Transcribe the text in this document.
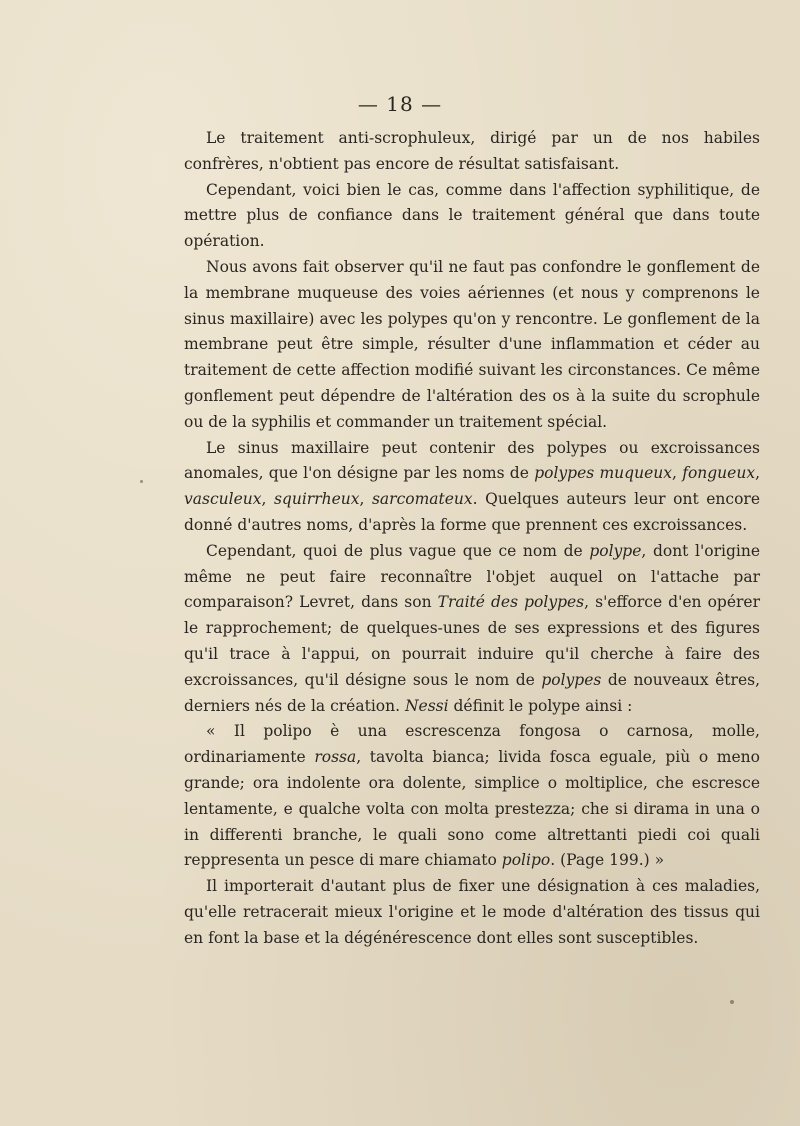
— 18 —

Le traitement anti-scrophuleux, dirigé par un de nos habiles confrères, n'obtient pas encore de résultat satisfaisant.

Cependant, voici bien le cas, comme dans l'affection syphilitique, de mettre plus de confiance dans le traitement général que dans toute opération.

Nous avons fait observer qu'il ne faut pas confondre le gonflement de la membrane muqueuse des voies aériennes (et nous y comprenons le sinus maxillaire) avec les polypes qu'on y rencontre. Le gonflement de la membrane peut être simple, résulter d'une inflammation et céder au traitement de cette affection modifié suivant les circonstances. Ce même gonflement peut dépendre de l'altération des os à la suite du scrophule ou de la syphilis et commander un traitement spécial.

Le sinus maxillaire peut contenir des polypes ou excroissances anomales, que l'on désigne par les noms de polypes muqueux, fongueux, vasculeux, squirrheux, sarcomateux. Quelques auteurs leur ont encore donné d'autres noms, d'après la forme que prennent ces excroissances.

Cependant, quoi de plus vague que ce nom de polype, dont l'origine même ne peut faire reconnaître l'objet auquel on l'attache par comparaison? Levret, dans son Traité des polypes, s'efforce d'en opérer le rapprochement; de quelques-unes de ses expressions et des figures qu'il trace à l'appui, on pourrait induire qu'il cherche à faire des excroissances, qu'il désigne sous le nom de polypes de nouveaux êtres, derniers nés de la création. Nessi définit le polype ainsi :

« Il polipo è una escrescenza fongosa o carnosa, molle, ordinariamente rossa, tavolta bianca; livida fosca eguale, più o meno grande; ora indolente ora dolente, simplice o moltiplice, che escresce lentamente, e qualche volta con molta prestezza; che si dirama in una o in differenti branche, le quali sono come altrettanti piedi coi quali reppresenta un pesce di mare chiamato polipo. (Page 199.) »

Il importerait d'autant plus de fixer une désignation à ces maladies, qu'elle retracerait mieux l'origine et le mode d'altération des tissus qui en font la base et la dégénérescence dont elles sont susceptibles.
